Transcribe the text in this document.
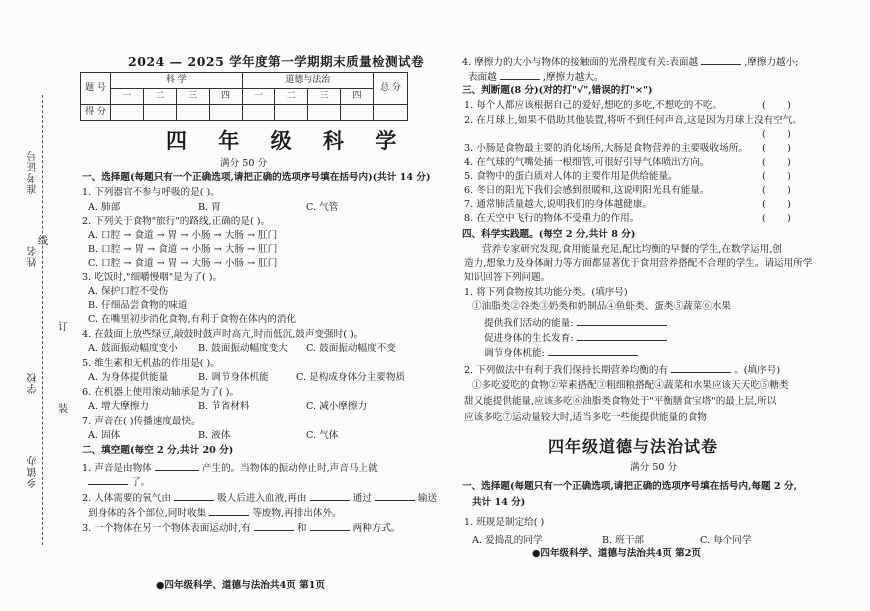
准考证号
姓名
学校
乡镇办
线
订
装
2024 — 2025 学年度第一学期期末质量检测试卷
题 号	科 学				道德与法治				总 分
	一	二	三	四	一	二	三	四	
得 分									
四 年 级 科 学
满分 50 分
一、选择题(每题只有一个正确选项,请把正确的选项序号填在括号内)(共计 14 分)
1. 下列器官不参与呼吸的是( )。
A. 肺部	B. 胃	C. 气管
2. 下列关于食物"旅行"的路线,正确的是( )。
A. 口腔 → 食道 → 胃 → 小肠 → 大肠 → 肛门
B. 口腔 → 胃 → 食道 → 小肠 → 大肠 → 肛门
C. 口腔 → 食道 → 胃 → 大肠 → 小肠 → 肛门
3. 吃饭时,"细嚼慢咽"是为了( )。
A. 保护口腔不受伤
B. 仔细品尝食物的味道
C. 在嘴里初步消化食物,有利于食物在体内的消化
4. 在鼓面上放些绿豆,敲鼓时鼓声时高亢,时而低沉,鼓声变强时( )。
A. 鼓面振动幅度变小 B. 鼓面振动幅度变大 C. 鼓面振动幅度不变
5. 维生素和无机盐的作用是( )。
A. 为身体提供能量	B. 调节身体机能	C. 是构成身体分主要物质
6. 在机器上使用滚动轴承是为了( )。
A. 增大摩擦力	B. 节省材料	C. 减小摩擦力
7. 声音在( )传播速度最快。
A. 固体	B. 液体	C. 气体
二、填空题(每空 2 分,共计 20 分)
1. 声音是由物体	产生的。当物体的振动停止时,声音马上就
了。
2. 人体需要的氧气由	吸人后进入血液,再由	通过	输送
到身体的各个部位,同时收集	等废物,再排出体外。
3. 一个物体在另一个物体表面运动时,有	和	两种方式。
●四年级科学、道德与法治共4页 第1页
4. 摩擦力的大小与物体的接触面的光滑程度有关:表面越	,摩擦力越小;
表面越	,摩擦力越大。
三、判断题(8 分)(对的打"√",错误的打"×")
1. 每个人都应该根据自己的爱好,想吃的多吃,不想吃的不吃。	(       )
2. 在月球上,如果不借助其他装置,将听不到任何声音,这是因为月球上没有空气。
(       )
3. 小肠是食物最主要的消化场所,大肠是食物营养的主要吸收场所。 (       )
4. 在气球的气嘴处插一根细管,可很好引导气体喷出方向。	(       )
5. 食物中的蛋白质对人体的主要作用是供给能量。	(       )
6. 冬日的阳光下我们会感到很暖和,这说明阳光具有能量。	(       )
7. 通常肺活量越大,说明我们的身体越健康。	(       )
8. 在天空中飞行的物体不受重力的作用。	(       )
四、科学实践题。(每空 2 分,共计 8 分)
营养专家研究发现,食用能量充足,配比均衡的早餐的学生,在数学运用,创
造力,想象力及身体耐力等方面都显著优于食用营养搭配不合理的学生。请运用所学
知识回答下列问题。
1. 将下列食物按其功能分类。(填序号)
①油脂类②谷类③奶类和奶制品④鱼虾类、蛋类⑤蔬菜⑥水果
提供我们活动的能量:
促进身体的生长发育:
调节身体机能:
2. 下列做法中有利于我们保持长期营养均衡的有	。(填序号)
①多吃爱吃的食物②荤素搭配③粗细粮搭配④蔬菜和水果应该天天吃⑤糖类
甜又能提供能量,应该多吃⑥油脂类食物处于"平衡膳食宝塔"的最上层,所以
应该多吃⑦运动量较大时,适当多吃一些能提供能量的食物
四年级道德与法治试卷
满分 50 分
一、选择题(每题只有一个正确选项,请把正确的选项序号填在括号内,每题 2 分,
共计 14 分)
1. 班规是制定给( )
A. 爱捣乱的同学	B. 班干部	C. 每个同学
●四年级科学、道德与法治共4页 第2页
